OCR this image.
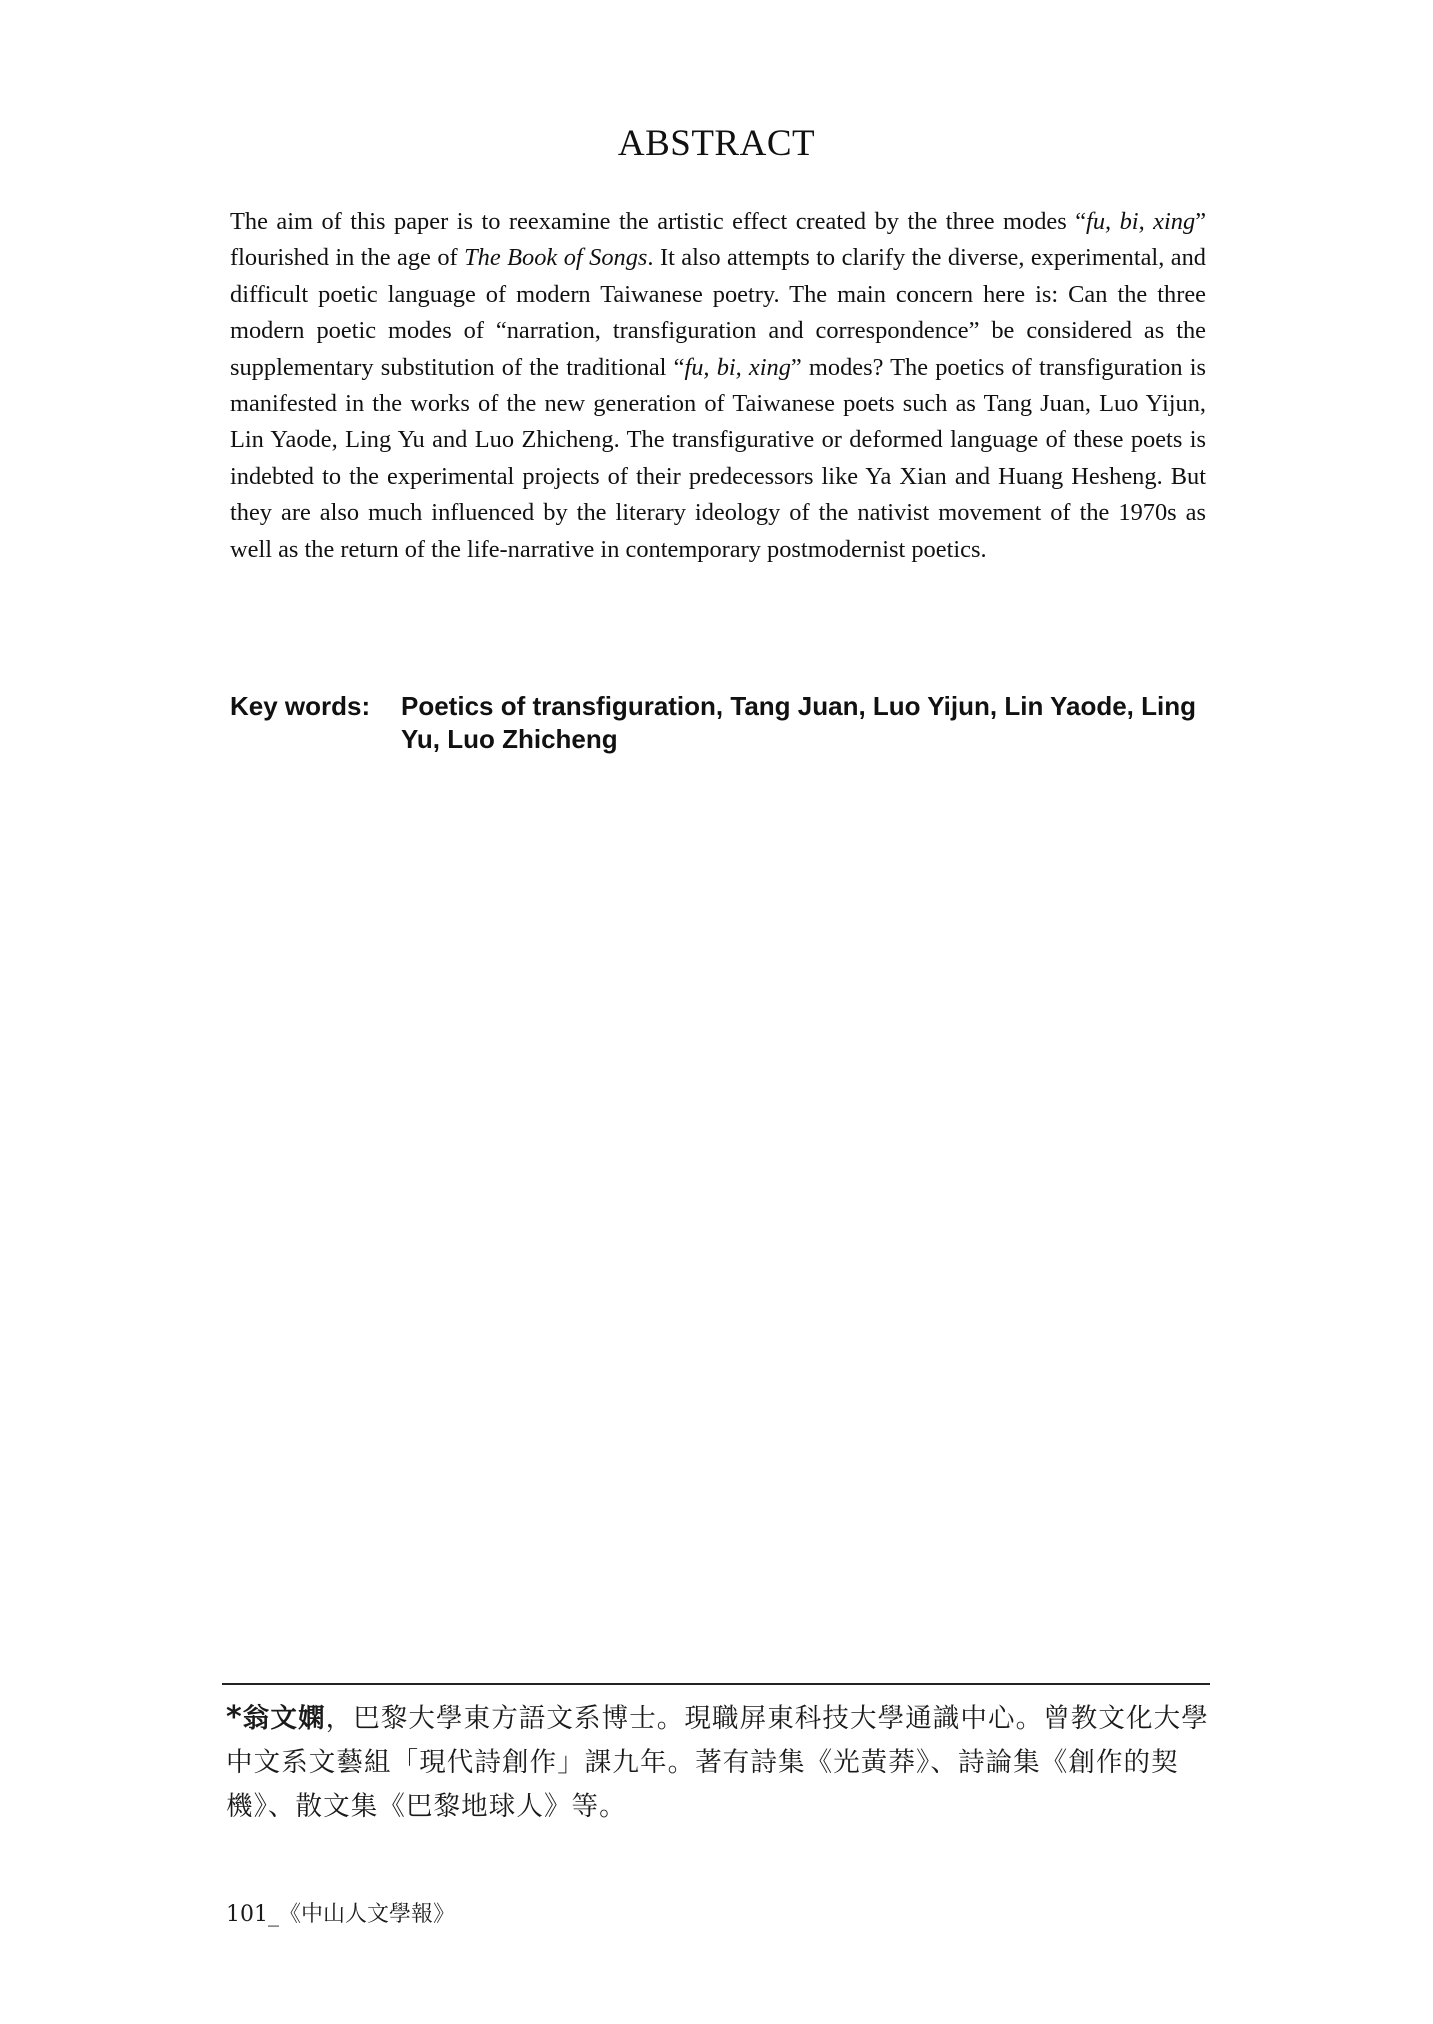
ABSTRACT

The aim of this paper is to reexamine the artistic effect created by the three modes “fu, bi, xing” flourished in the age of The Book of Songs. It also attempts to clarify the diverse, experimental, and difficult poetic language of modern Taiwanese poetry. The main concern here is: Can the three modern poetic modes of “narration, transfiguration and correspondence” be considered as the supplementary substitution of the traditional “fu, bi, xing” modes? The poetics of transfiguration is manifested in the works of the new generation of Taiwanese poets such as Tang Juan, Luo Yijun, Lin Yaode, Ling Yu and Luo Zhicheng. The transfigurative or deformed language of these poets is indebted to the experimental projects of their predecessors like Ya Xian and Huang Hesheng. But they are also much influenced by the literary ideology of the nativist movement of the 1970s as well as the return of the life-narrative in contemporary postmodernist poetics.

Key words: Poetics of transfiguration, Tang Juan, Luo Yijun, Lin Yaode, Ling Yu, Luo Zhicheng
*翁文嫻，巴黎大學東方語文系博士。現職屏東科技大學通識中心。曾教文化大學中文系文藝組「現代詩創作」課九年。著有詩集《光黃莽》、詩論集《創作的契機》、散文集《巴黎地球人》等。
101_《中山人文學報》
